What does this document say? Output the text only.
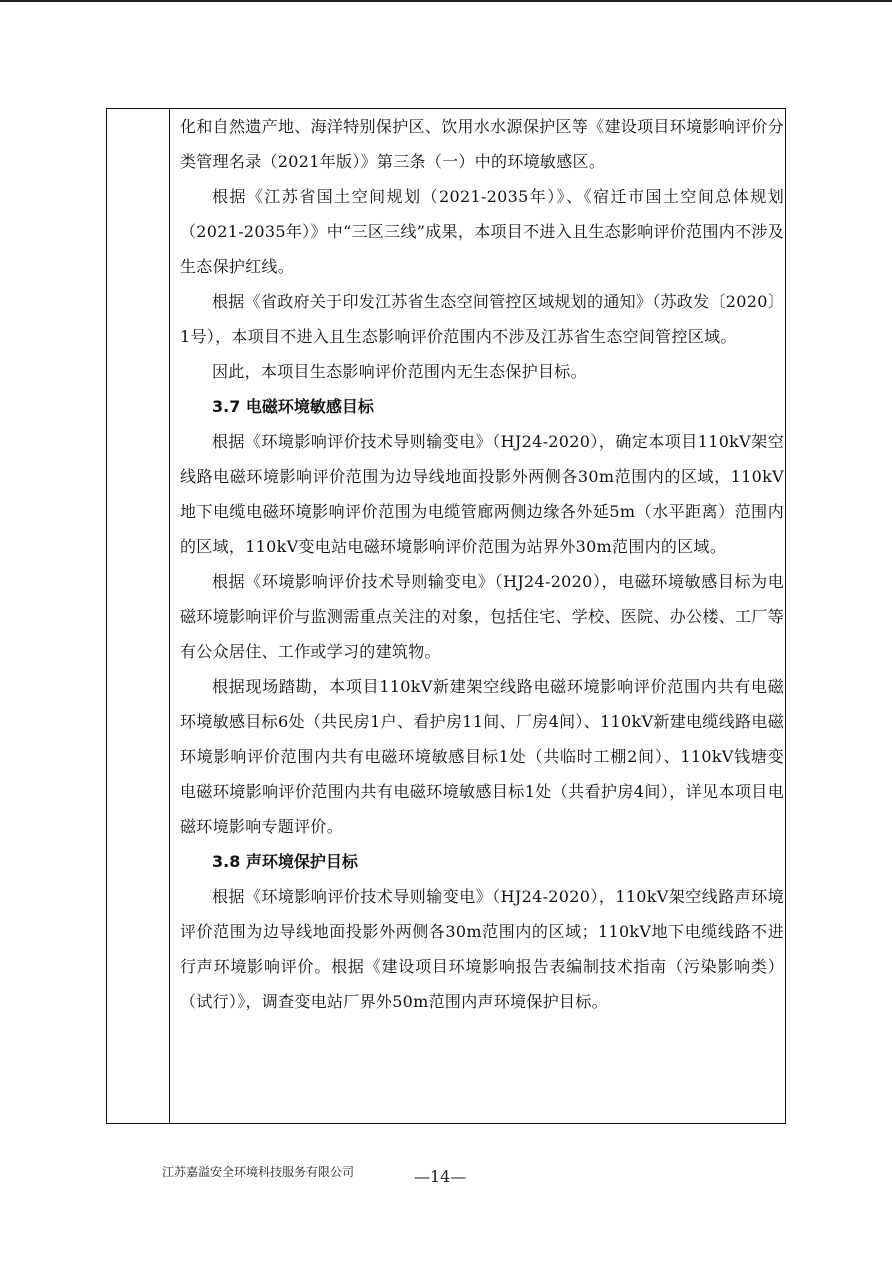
化和自然遗产地、海洋特别保护区、饮用水水源保护区等《建设项目环境影响评价分类管理名录（2021年版）》第三条（一）中的环境敏感区。

根据《江苏省国土空间规划（2021-2035年）》、《宿迁市国土空间总体规划（2021-2035年）》中“三区三线”成果，本项目不进入且生态影响评价范围内不涉及生态保护红线。

根据《省政府关于印发江苏省生态空间管控区域规划的通知》（苏政发〔2020〕1号），本项目不进入且生态影响评价范围内不涉及江苏省生态空间管控区域。

因此，本项目生态影响评价范围内无生态保护目标。

3.7 电磁环境敏感目标

根据《环境影响评价技术导则输变电》（HJ24-2020），确定本项目110kV架空线路电磁环境影响评价范围为边导线地面投影外两侧各30m范围内的区域，110kV地下电缆电磁环境影响评价范围为电缆管廊两侧边缘各外延5m（水平距离）范围内的区域，110kV变电站电磁环境影响评价范围为站界外30m范围内的区域。

根据《环境影响评价技术导则输变电》（HJ24-2020），电磁环境敏感目标为电磁环境影响评价与监测需重点关注的对象，包括住宅、学校、医院、办公楼、工厂等有公众居住、工作或学习的建筑物。

根据现场踏勘，本项目110kV新建架空线路电磁环境影响评价范围内共有电磁环境敏感目标6处（共民房1户、看护房11间、厂房4间）、110kV新建电缆线路电磁环境影响评价范围内共有电磁环境敏感目标1处（共临时工棚2间）、110kV钱塘变电磁环境影响评价范围内共有电磁环境敏感目标1处（共看护房4间），详见本项目电磁环境影响专题评价。

3.8 声环境保护目标

根据《环境影响评价技术导则输变电》（HJ24-2020），110kV架空线路声环境评价范围为边导线地面投影外两侧各30m范围内的区域；110kV地下电缆线路不进行声环境影响评价。根据《建设项目环境影响报告表编制技术指南（污染影响类）（试行）》，调查变电站厂界外50m范围内声环境保护目标。

江苏嘉溢安全环境科技服务有限公司	—14—
